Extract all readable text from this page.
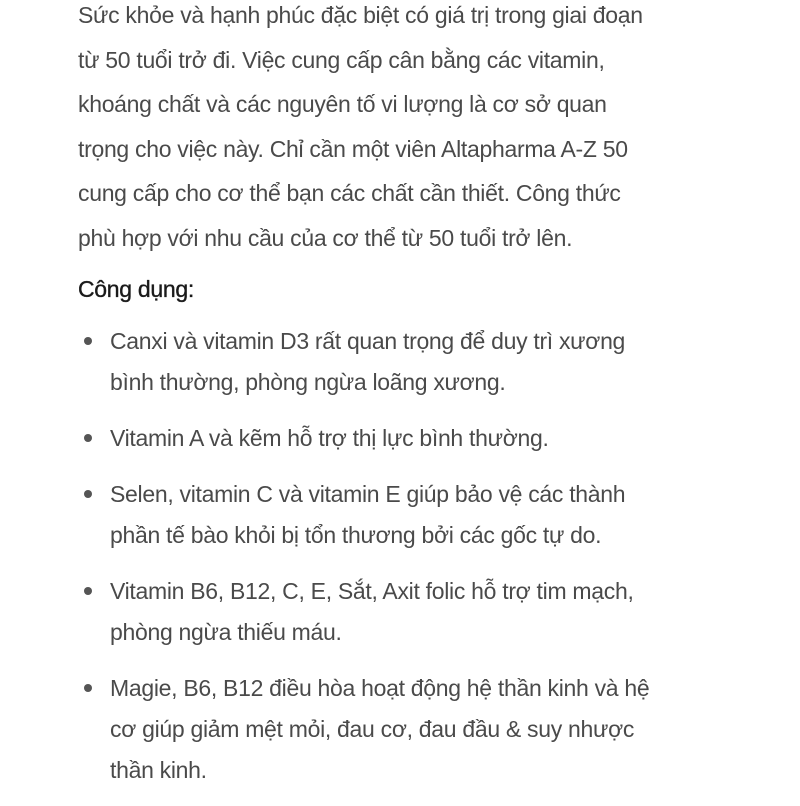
Sức khỏe và hạnh phúc đặc biệt có giá trị trong giai đoạn
từ 50 tuổi trở đi. Việc cung cấp cân bằng các vitamin,
khoáng chất và các nguyên tố vi lượng là cơ sở quan
trọng cho việc này. Chỉ cần một viên Altapharma A-Z 50
cung cấp cho cơ thể bạn các chất cần thiết. Công thức
phù hợp với nhu cầu của cơ thể từ 50 tuổi trở lên.

Công dụng:
Canxi và vitamin D3 rất quan trọng để duy trì xương
bình thường, phòng ngừa loãng xương.
Vitamin A và kẽm hỗ trợ thị lực bình thường.
Selen, vitamin C và vitamin E giúp bảo vệ các thành
phần tế bào khỏi bị tổn thương bởi các gốc tự do.
Vitamin B6, B12, C, E, Sắt, Axit folic hỗ trợ tim mạch,
phòng ngừa thiếu máu.
Magie, B6, B12 điều hòa hoạt động hệ thần kinh và hệ
cơ giúp giảm mệt mỏi, đau cơ, đau đầu & suy nhược
thần kinh.
